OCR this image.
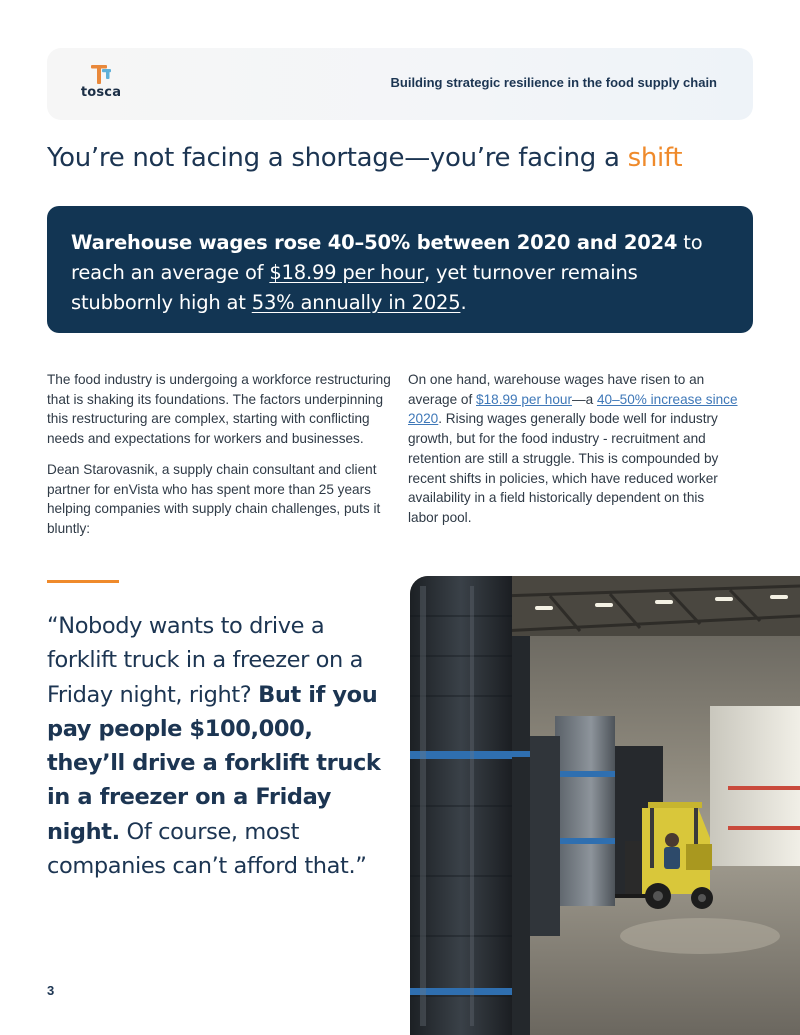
tosca
Building strategic resilience in the food supply chain
You’re not facing a shortage—you’re facing a shift
Warehouse wages rose 40–50% between 2020 and 2024 to reach an average of $18.99 per hour, yet turnover remains stubbornly high at 53% annually in 2025.

The food industry is undergoing a workforce restructuring that is shaking its foundations. The factors underpinning this restructuring are complex, starting with conflicting needs and expectations for workers and businesses.

Dean Starovasnik, a supply chain consultant and client partner for enVista who has spent more than 25 years helping companies with supply chain challenges, puts it bluntly:

On one hand, warehouse wages have risen to an average of $18.99 per hour—a 40–50% increase since 2020. Rising wages generally bode well for industry growth, but for the food industry - recruitment and retention are still a struggle. This is compounded by recent shifts in policies, which have reduced worker availability in a field historically dependent on this labor pool.

“Nobody wants to drive a forklift truck in a freezer on a Friday night, right? But if you pay people $100,000, they’ll drive a forklift truck in a freezer on a Friday night. Of course, most companies can’t afford that.”
3
